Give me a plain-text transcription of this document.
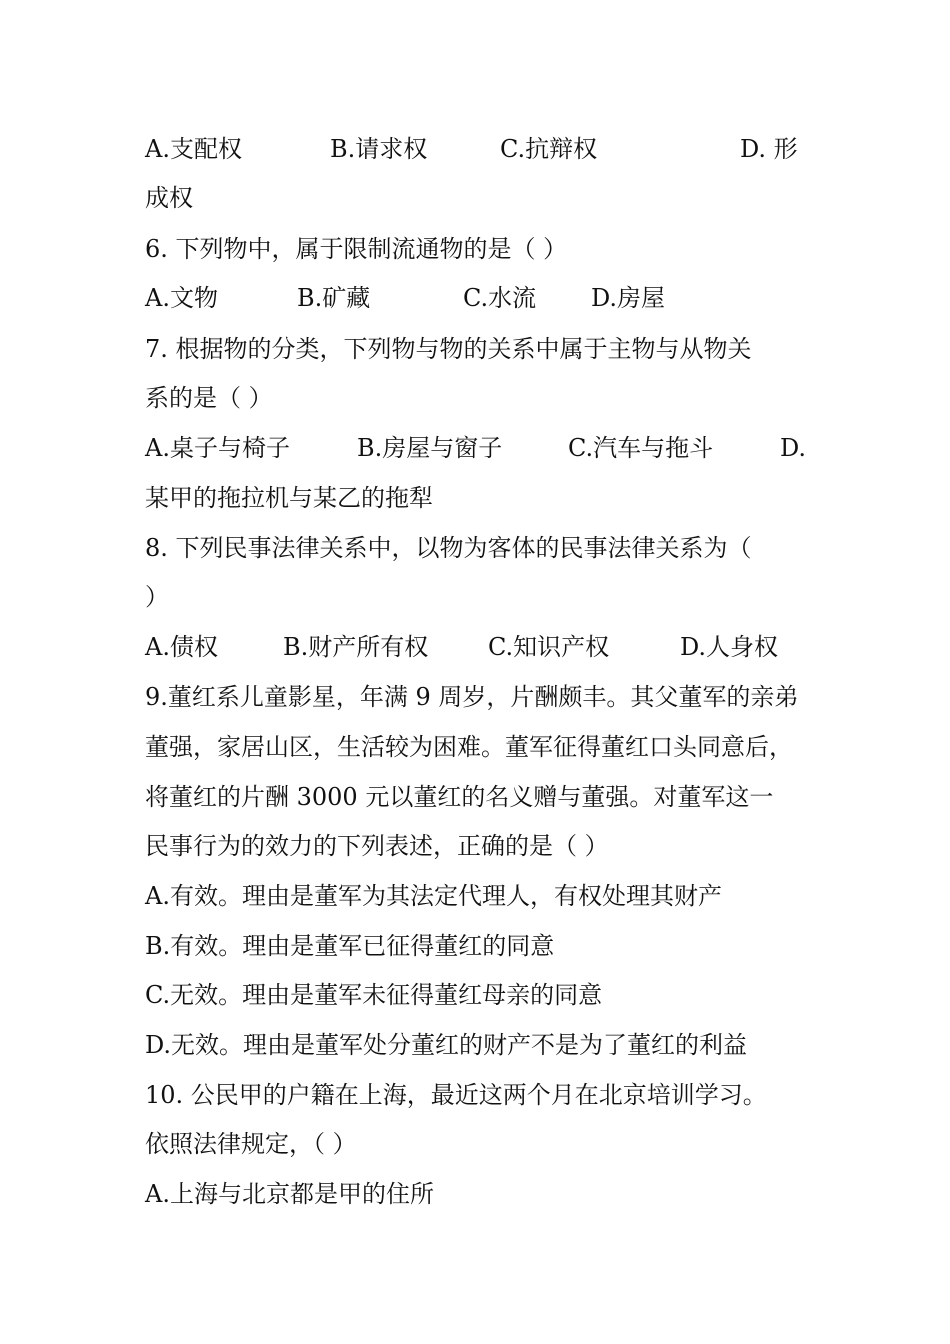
A.支配权	B.请求权	C.抗辩权	D. 形
成权
6. 下列物中，属于限制流通物的是（ ）
A.文物	B.矿藏	C.水流 D.房屋
7. 根据物的分类，下列物与物的关系中属于主物与从物关
系的是（ ）
A.桌子与椅子	B.房屋与窗子	C.汽车与拖斗	D.
某甲的拖拉机与某乙的拖犁
8. 下列民事法律关系中，以物为客体的民事法律关系为（
）
A.债权	B.财产所有权 C.知识产权	D.人身权
9.董红系儿童影星，年满 9 周岁，片酬颇丰。其父董军的亲弟
董强，家居山区，生活较为困难。董军征得董红口头同意后，
将董红的片酬 3000 元以董红的名义赠与董强。对董军这一
民事行为的效力的下列表述，正确的是（ ）
A.有效。理由是董军为其法定代理人，有权处理其财产
B.有效。理由是董军已征得董红的同意
C.无效。理由是董军未征得董红母亲的同意
D.无效。理由是董军处分董红的财产不是为了董红的利益
10. 公民甲的户籍在上海，最近这两个月在北京培训学习。
依照法律规定，（ ）
A.上海与北京都是甲的住所
